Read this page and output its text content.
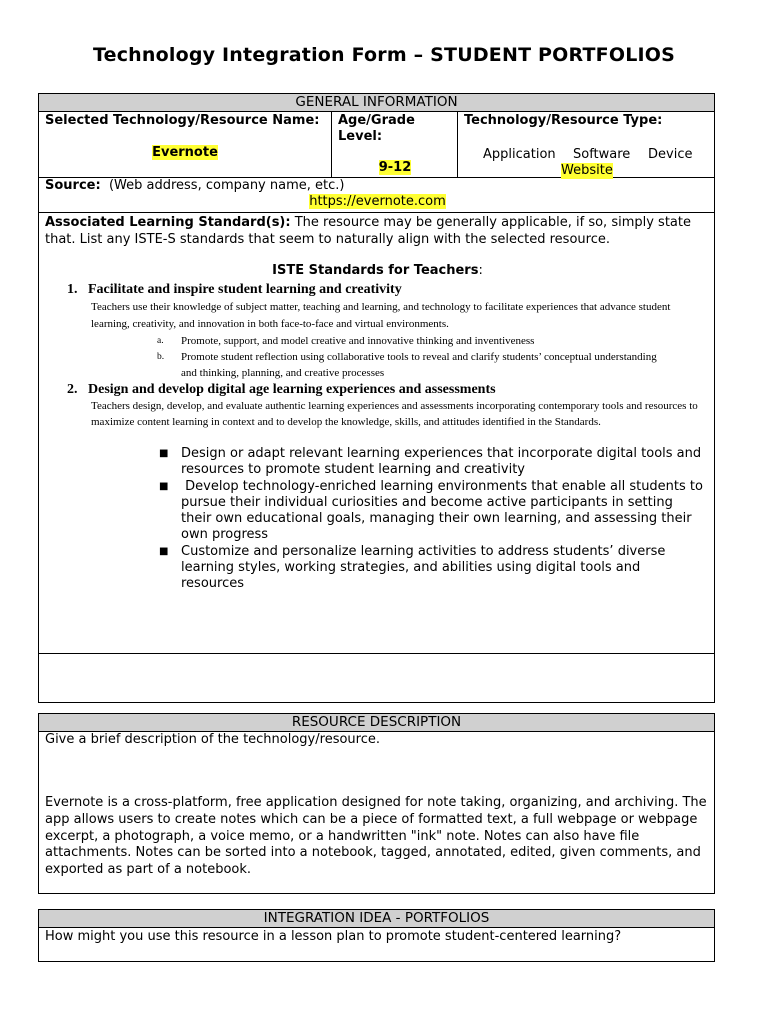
Technology Integration Form – STUDENT PORTFOLIOS
GENERAL INFORMATION
Selected Technology/Resource Name:
Evernote
Age/Grade Level:
9-12
Technology/Resource Type:
Application Software Device
Website
Source: (Web address, company name, etc.)
https://evernote.com
Associated Learning Standard(s): The resource may be generally applicable, if so, simply state that. List any ISTE-S standards that seem to naturally align with the selected resource.
ISTE Standards for Teachers:
1. Facilitate and inspire student learning and creativity
Teachers use their knowledge of subject matter, teaching and learning, and technology to facilitate experiences that advance student learning, creativity, and innovation in both face-to-face and virtual environments.
a. Promote, support, and model creative and innovative thinking and inventiveness
b. Promote student reflection using collaborative tools to reveal and clarify students’ conceptual understanding and thinking, planning, and creative processes
2. Design and develop digital age learning experiences and assessments
Teachers design, develop, and evaluate authentic learning experiences and assessments incorporating contemporary tools and resources to maximize content learning in context and to develop the knowledge, skills, and attitudes identified in the Standards.
■ Design or adapt relevant learning experiences that incorporate digital tools and resources to promote student learning and creativity
■ Develop technology-enriched learning environments that enable all students to pursue their individual curiosities and become active participants in setting their own educational goals, managing their own learning, and assessing their own progress
■ Customize and personalize learning activities to address students’ diverse learning styles, working strategies, and abilities using digital tools and resources
RESOURCE DESCRIPTION
Give a brief description of the technology/resource.
Evernote is a cross-platform, free application designed for note taking, organizing, and archiving. The app allows users to create notes which can be a piece of formatted text, a full webpage or webpage excerpt, a photograph, a voice memo, or a handwritten "ink" note. Notes can also have file attachments. Notes can be sorted into a notebook, tagged, annotated, edited, given comments, and exported as part of a notebook.
INTEGRATION IDEA - PORTFOLIOS
How might you use this resource in a lesson plan to promote student-centered learning?
